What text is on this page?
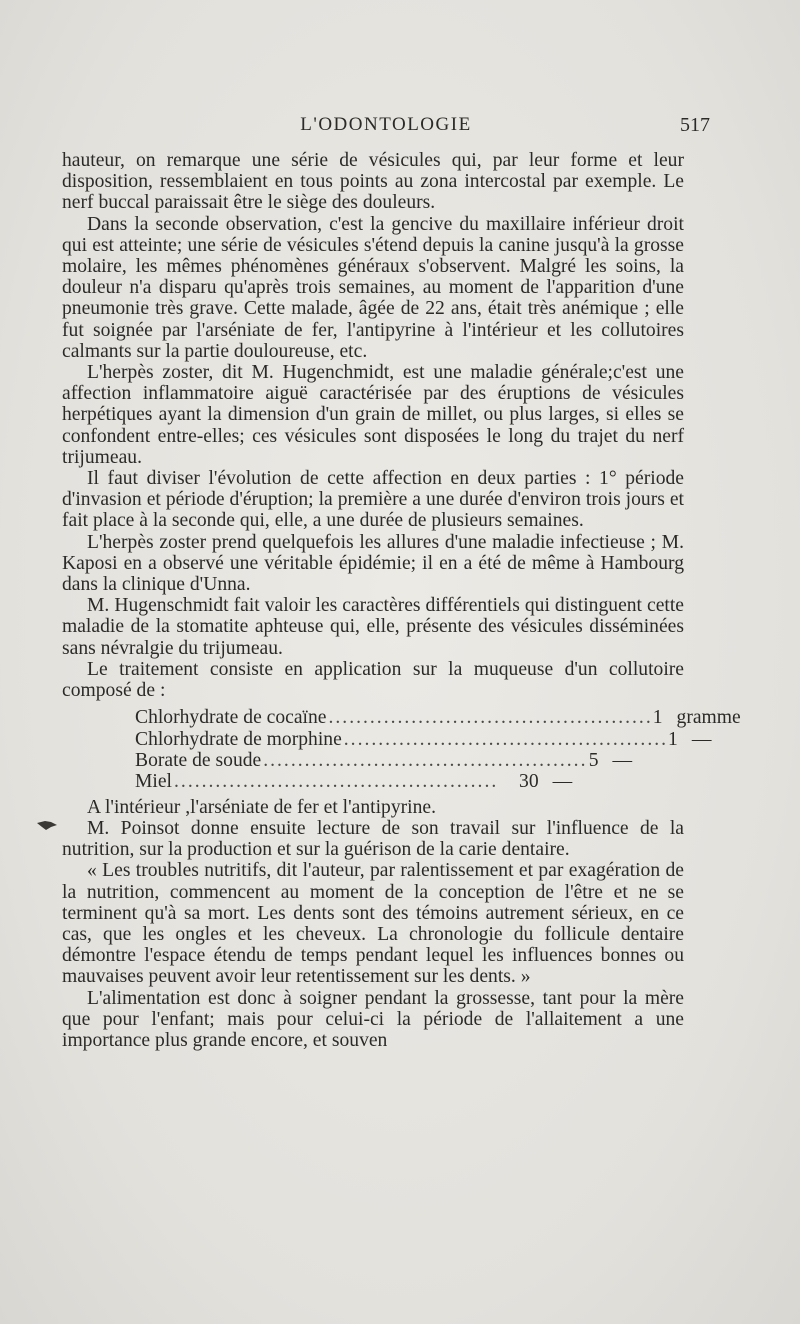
L'ODONTOLOGIE	517

hauteur, on remarque une série de vésicules qui, par leur forme et leur disposition, ressemblaient en tous points au zona intercostal par exemple. Le nerf buccal paraissait être le siège des douleurs.

Dans la seconde observation, c'est la gencive du maxillaire inférieur droit qui est atteinte; une série de vésicules s'étend depuis la canine jusqu'à la grosse molaire, les mêmes phénomènes généraux s'observent. Malgré les soins, la douleur n'a disparu qu'après trois semaines, au moment de l'apparition d'une pneumonie très grave. Cette malade, âgée de 22 ans, était très anémique ; elle fut soignée par l'arséniate de fer, l'antipyrine à l'intérieur et les collutoires calmants sur la partie douloureuse, etc.

L'herpès zoster, dit M. Hugenchmidt, est une maladie générale;c'est une affection inflammatoire aiguë caractérisée par des éruptions de vésicules herpétiques ayant la dimension d'un grain de millet, ou plus larges, si elles se confondent entre-elles; ces vésicules sont disposées le long du trajet du nerf trijumeau.

Il faut diviser l'évolution de cette affection en deux parties : 1° période d'invasion et période d'éruption; la première a une durée d'environ trois jours et fait place à la seconde qui, elle, a une durée de plusieurs semaines.

L'herpès zoster prend quelquefois les allures d'une maladie infectieuse ; M. Kaposi en a observé une véritable épidémie; il en a été de même à Hambourg dans la clinique d'Unna.

M. Hugenschmidt fait valoir les caractères différentiels qui distinguent cette maladie de la stomatite aphteuse qui, elle, présente des vésicules disséminées sans névralgie du trijumeau.

Le traitement consiste en application sur la muqueuse d'un collutoire composé de :

Chlorhydrate de cocaïne ............................................... 1 gramme
Chlorhydrate de morphine ............................................... 1 —
Borate de soude ............................................... 5 —
Miel ...............................................	30 —

A l'intérieur ,l'arséniate de fer et l'antipyrine.

M. Poinsot donne ensuite lecture de son travail sur l'influence de la nutrition, sur la production et sur la guérison de la carie dentaire.

« Les troubles nutritifs, dit l'auteur, par ralentissement et par exagération de la nutrition, commencent au moment de la conception de l'être et ne se terminent qu'à sa mort. Les dents sont des témoins autrement sérieux, en ce cas, que les ongles et les cheveux. La chronologie du follicule dentaire démontre l'espace étendu de temps pendant lequel les influences bonnes ou mauvaises peuvent avoir leur retentissement sur les dents. »

L'alimentation est donc à soigner pendant la grossesse, tant pour la mère que pour l'enfant; mais pour celui-ci la période de l'allaitement a une importance plus grande encore, et souven
